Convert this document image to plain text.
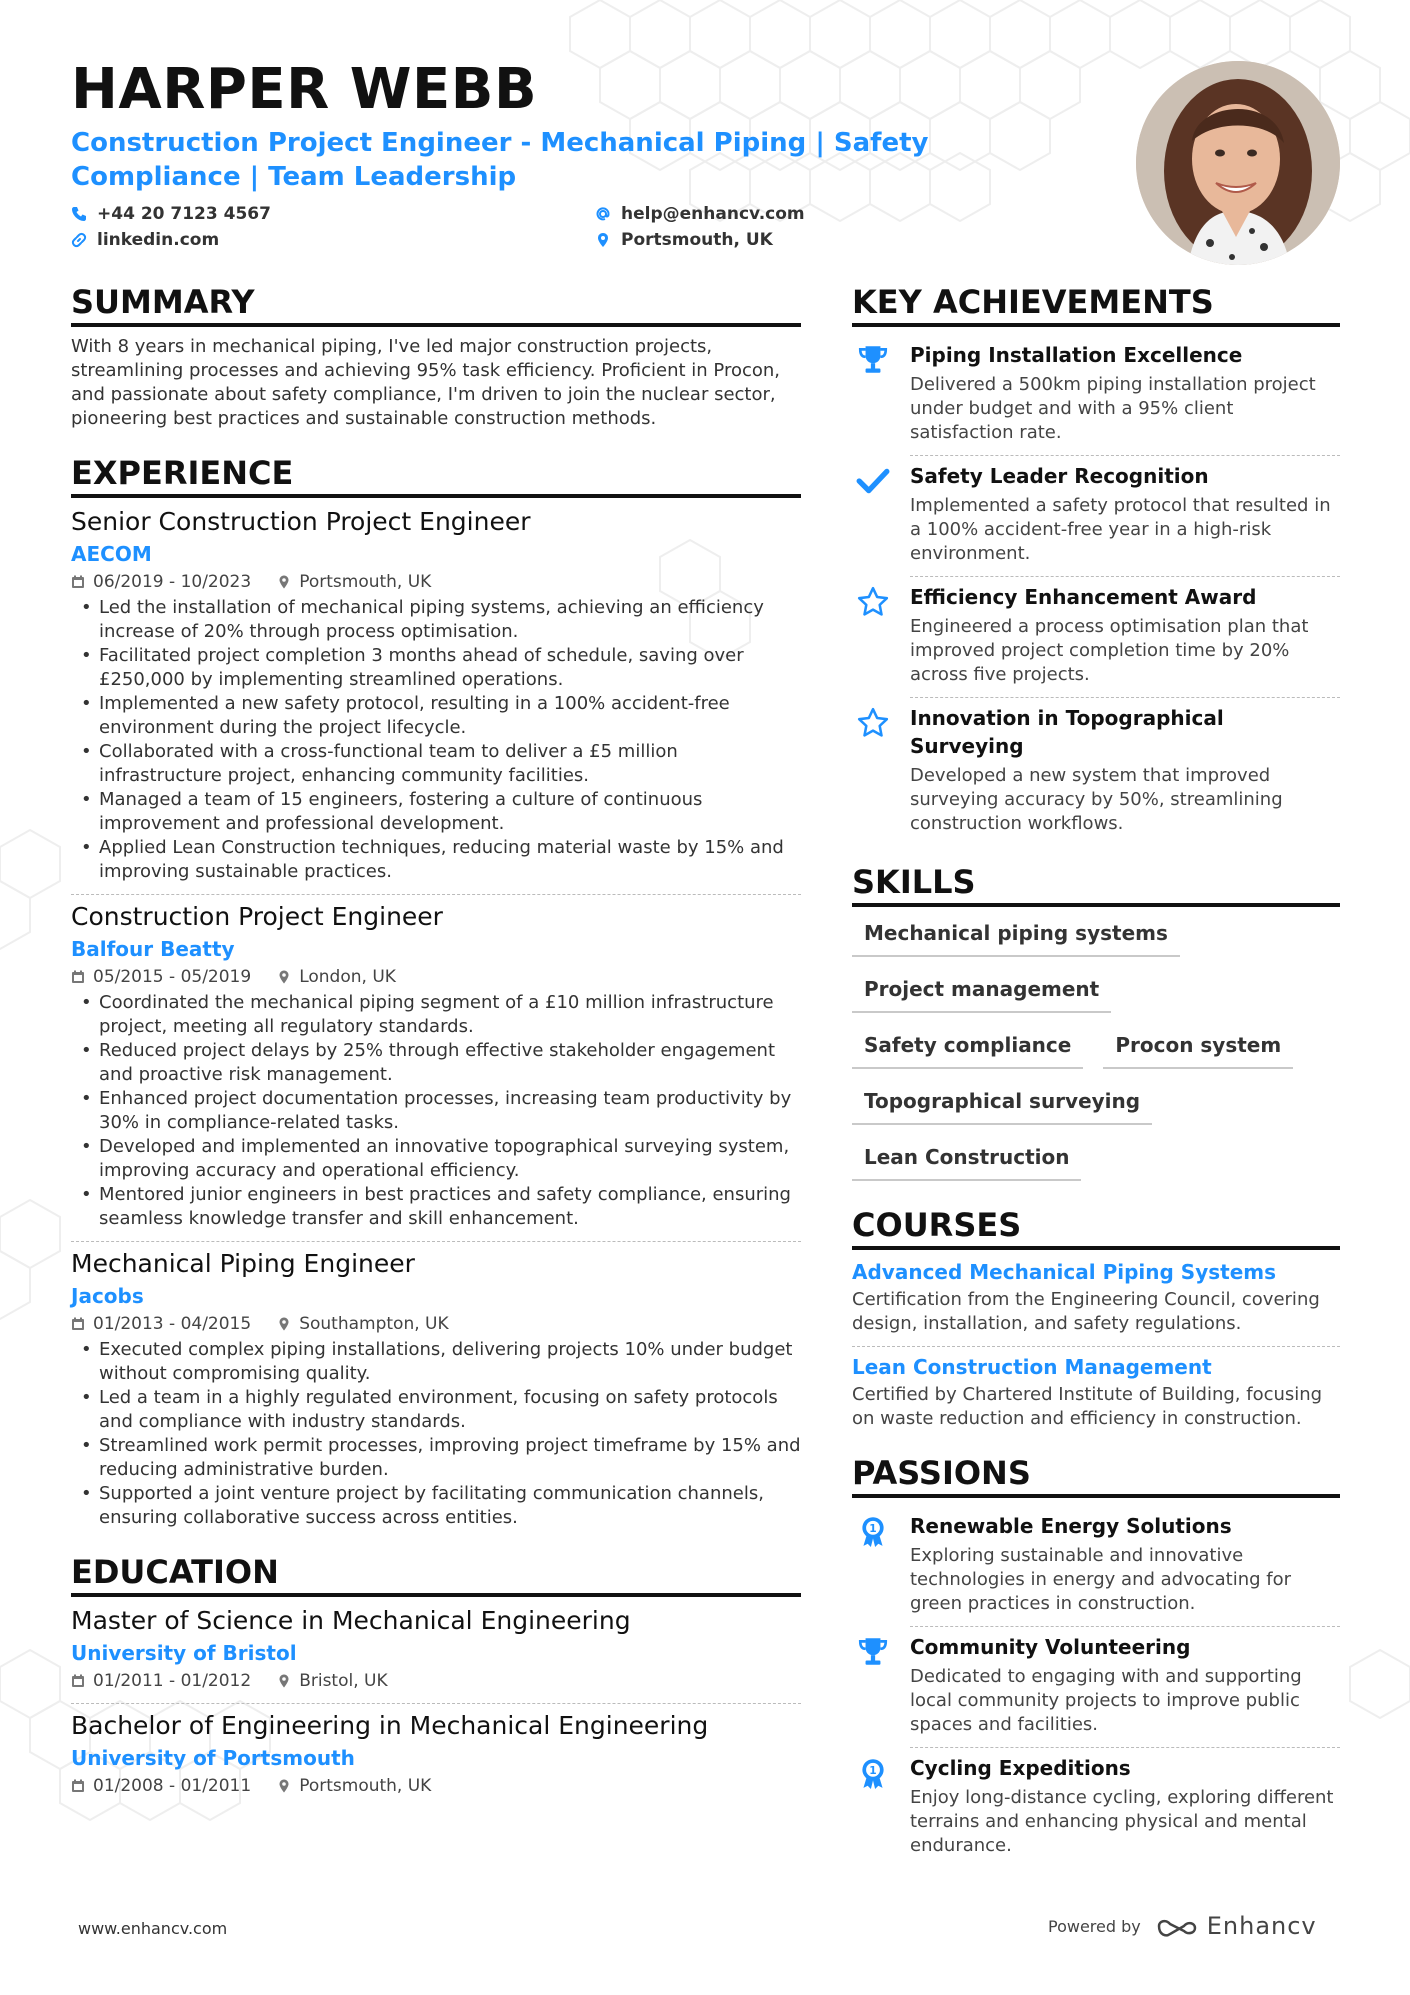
HARPER WEBB
Construction Project Engineer - Mechanical Piping | Safety Compliance | Team Leadership
+44 20 7123 4567	help@enhancv.com
linkedin.com	Portsmouth, UK
SUMMARY
With 8 years in mechanical piping, I've led major construction projects, streamlining processes and achieving 95% task efficiency. Proficient in Procon, and passionate about safety compliance, I'm driven to join the nuclear sector, pioneering best practices and sustainable construction methods.
EXPERIENCE
Senior Construction Project Engineer
AECOM
06/2019 - 10/2023	Portsmouth, UK
• Led the installation of mechanical piping systems, achieving an efficiency increase of 20% through process optimisation.
• Facilitated project completion 3 months ahead of schedule, saving over £250,000 by implementing streamlined operations.
• Implemented a new safety protocol, resulting in a 100% accident-free environment during the project lifecycle.
• Collaborated with a cross-functional team to deliver a £5 million infrastructure project, enhancing community facilities.
• Managed a team of 15 engineers, fostering a culture of continuous improvement and professional development.
• Applied Lean Construction techniques, reducing material waste by 15% and improving sustainable practices.
Construction Project Engineer
Balfour Beatty
05/2015 - 05/2019	London, UK
• Coordinated the mechanical piping segment of a £10 million infrastructure project, meeting all regulatory standards.
• Reduced project delays by 25% through effective stakeholder engagement and proactive risk management.
• Enhanced project documentation processes, increasing team productivity by 30% in compliance-related tasks.
• Developed and implemented an innovative topographical surveying system, improving accuracy and operational efficiency.
• Mentored junior engineers in best practices and safety compliance, ensuring seamless knowledge transfer and skill enhancement.
Mechanical Piping Engineer
Jacobs
01/2013 - 04/2015	Southampton, UK
• Executed complex piping installations, delivering projects 10% under budget without compromising quality.
• Led a team in a highly regulated environment, focusing on safety protocols and compliance with industry standards.
• Streamlined work permit processes, improving project timeframe by 15% and reducing administrative burden.
• Supported a joint venture project by facilitating communication channels, ensuring collaborative success across entities.
EDUCATION
Master of Science in Mechanical Engineering
University of Bristol
01/2011 - 01/2012	Bristol, UK
Bachelor of Engineering in Mechanical Engineering
University of Portsmouth
01/2008 - 01/2011	Portsmouth, UK
KEY ACHIEVEMENTS
Piping Installation Excellence
Delivered a 500km piping installation project under budget and with a 95% client satisfaction rate.
Safety Leader Recognition
Implemented a safety protocol that resulted in a 100% accident-free year in a high-risk environment.
Efficiency Enhancement Award
Engineered a process optimisation plan that improved project completion time by 20% across five projects.
Innovation in Topographical Surveying
Developed a new system that improved surveying accuracy by 50%, streamlining construction workflows.
SKILLS
Mechanical piping systems
Project management
Safety compliance	Procon system
Topographical surveying
Lean Construction
COURSES
Advanced Mechanical Piping Systems
Certification from the Engineering Council, covering design, installation, and safety regulations.
Lean Construction Management
Certified by Chartered Institute of Building, focusing on waste reduction and efficiency in construction.
PASSIONS
1 Renewable Energy Solutions
Exploring sustainable and innovative technologies in energy and advocating for green practices in construction.
Community Volunteering
Dedicated to engaging with and supporting local community projects to improve public spaces and facilities.
1 Cycling Expeditions
Enjoy long-distance cycling, exploring different terrains and enhancing physical and mental endurance.
www.enhancv.com	Powered by	Enhancv
